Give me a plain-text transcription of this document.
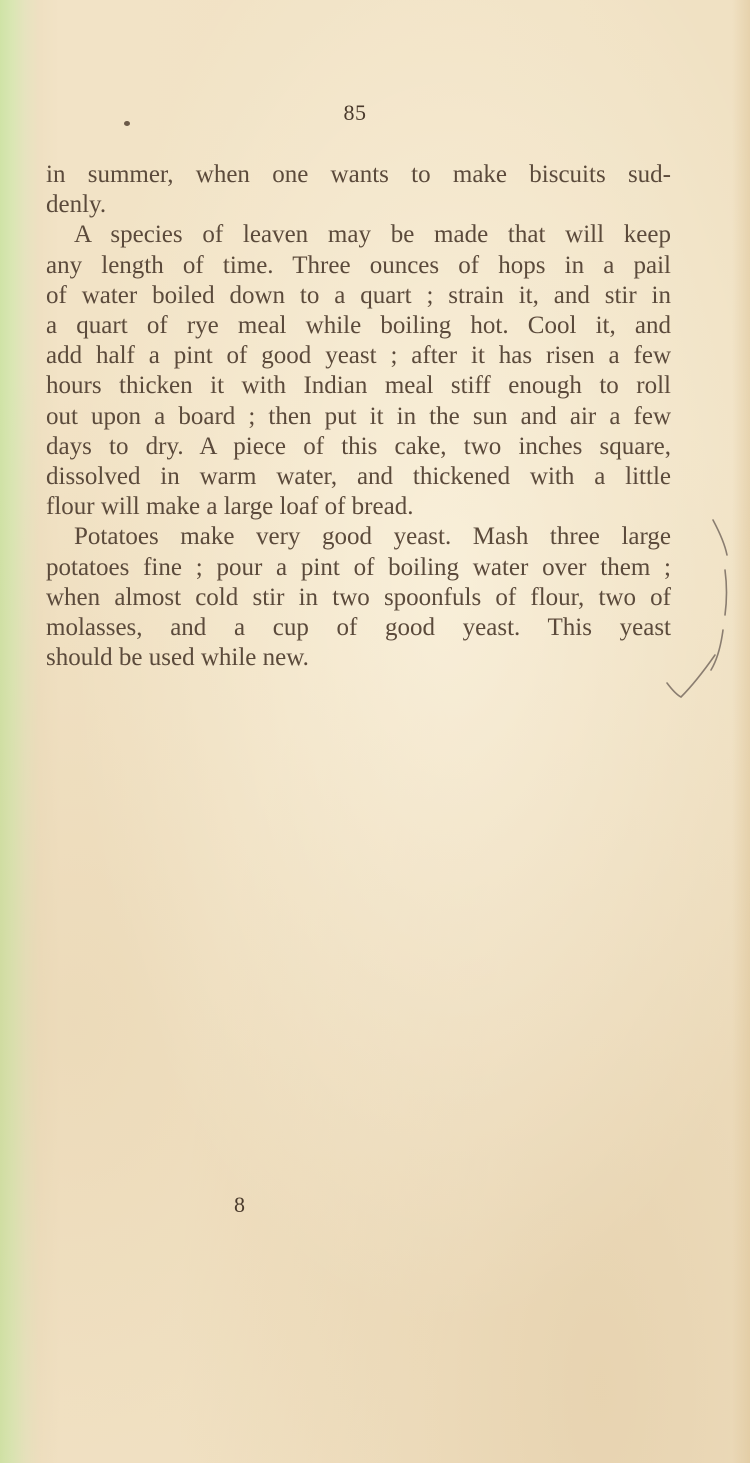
85
in summer, when one wants to make biscuits sud-
denly.
A species of leaven may be made that will keep
any length of time. Three ounces of hops in a pail
of water boiled down to a quart ; strain it, and stir in
a quart of rye meal while boiling hot. Cool it, and
add half a pint of good yeast ; after it has risen a few
hours thicken it with Indian meal stiff enough to roll
out upon a board ; then put it in the sun and air a few
days to dry. A piece of this cake, two inches square,
dissolved in warm water, and thickened with a little
flour will make a large loaf of bread.
Potatoes make very good yeast. Mash three large
potatoes fine ; pour a pint of boiling water over them ;
when almost cold stir in two spoonfuls of flour, two of
molasses, and a cup of good yeast. This yeast
should be used while new.
8
